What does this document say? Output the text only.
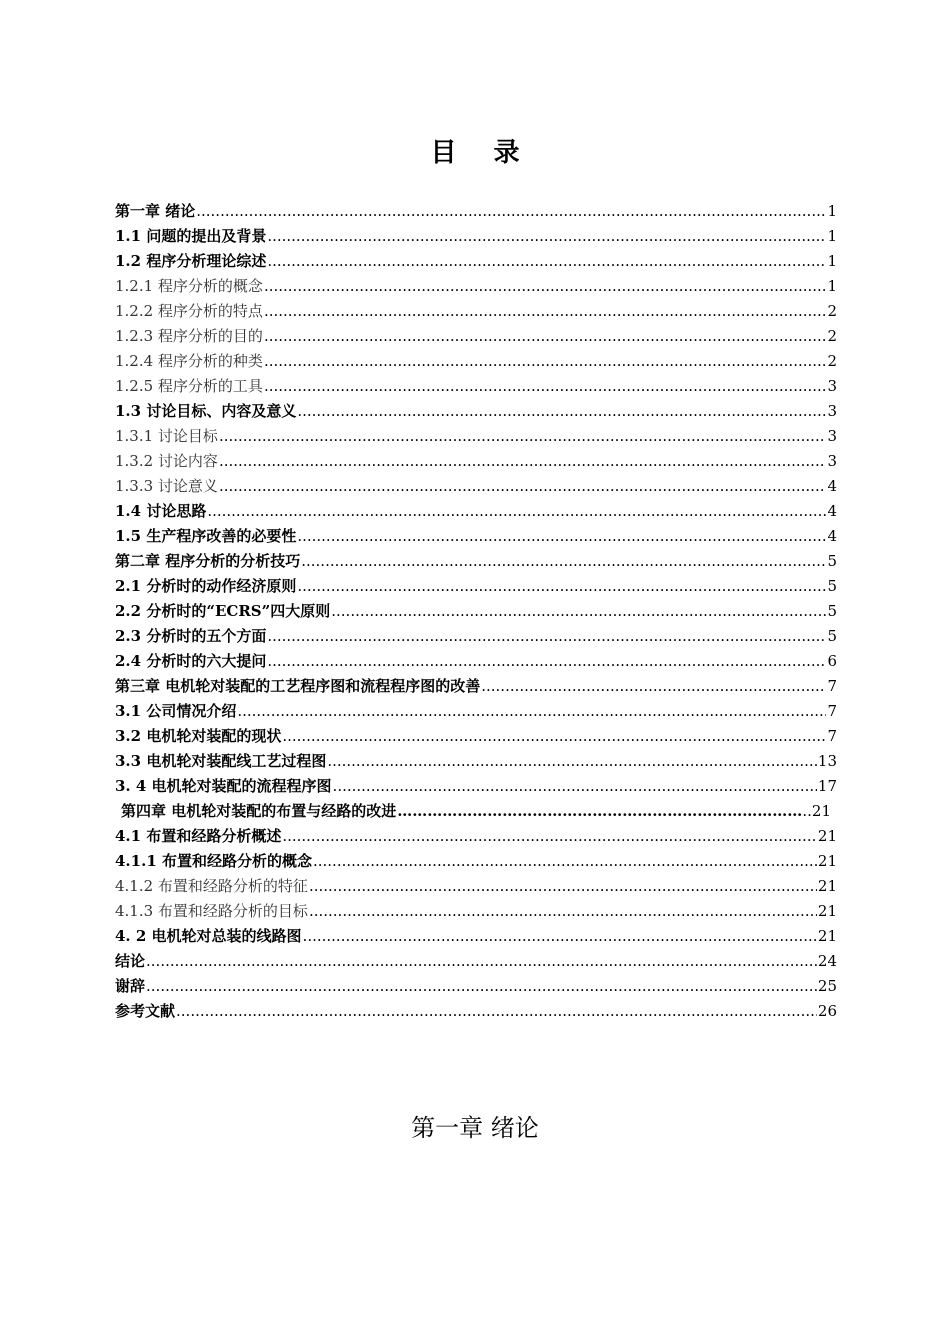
目 录
第一章 绪论 .....	1
1.1 问题的提出及背景 .....	1
1.2 程序分析理论综述 .....	1
1.2.1 程序分析的概念 .....	1
1.2.2 程序分析的特点 .....	2
1.2.3 程序分析的目的 .....	2
1.2.4 程序分析的种类 .....	2
1.2.5 程序分析的工具 .....	3
1.3 讨论目标、内容及意义 .....	3
1.3.1 讨论目标 .....	3
1.3.2 讨论内容 .....	3
1.3.3 讨论意义 .....	4
1.4 讨论思路 .....	4
1.5 生产程序改善的必要性 .....	4
第二章 程序分析的分析技巧 .....	5
2.1 分析时的动作经济原则 .....	5
2.2 分析时的“ECRS”四大原则 .....	5
2.3 分析时的五个方面 .....	5
2.4 分析时的六大提问 .....	6
第三章 电机轮对装配的工艺程序图和流程程序图的改善 .....	7
3.1 公司情况介绍 .....	7
3.2 电机轮对装配的现状 .....	7
3.3 电机轮对装配线工艺过程图 .....	13
3. 4 电机轮对装配的流程程序图 .....	17
第四章 电机轮对装配的布置与经路的改进 …………………………………………………………………………………………………………………………	..21
4.1 布置和经路分析概述 .....	21
4.1.1 布置和经路分析的概念 .....	21
4.1.2 布置和经路分析的特征 .....	21
4.1.3 布置和经路分析的目标 .....	21
4. 2 电机轮对总装的线路图 .....	21
结论 .....	24
谢辞 .....	25
参考文献 .....	26
第一章 绪论
